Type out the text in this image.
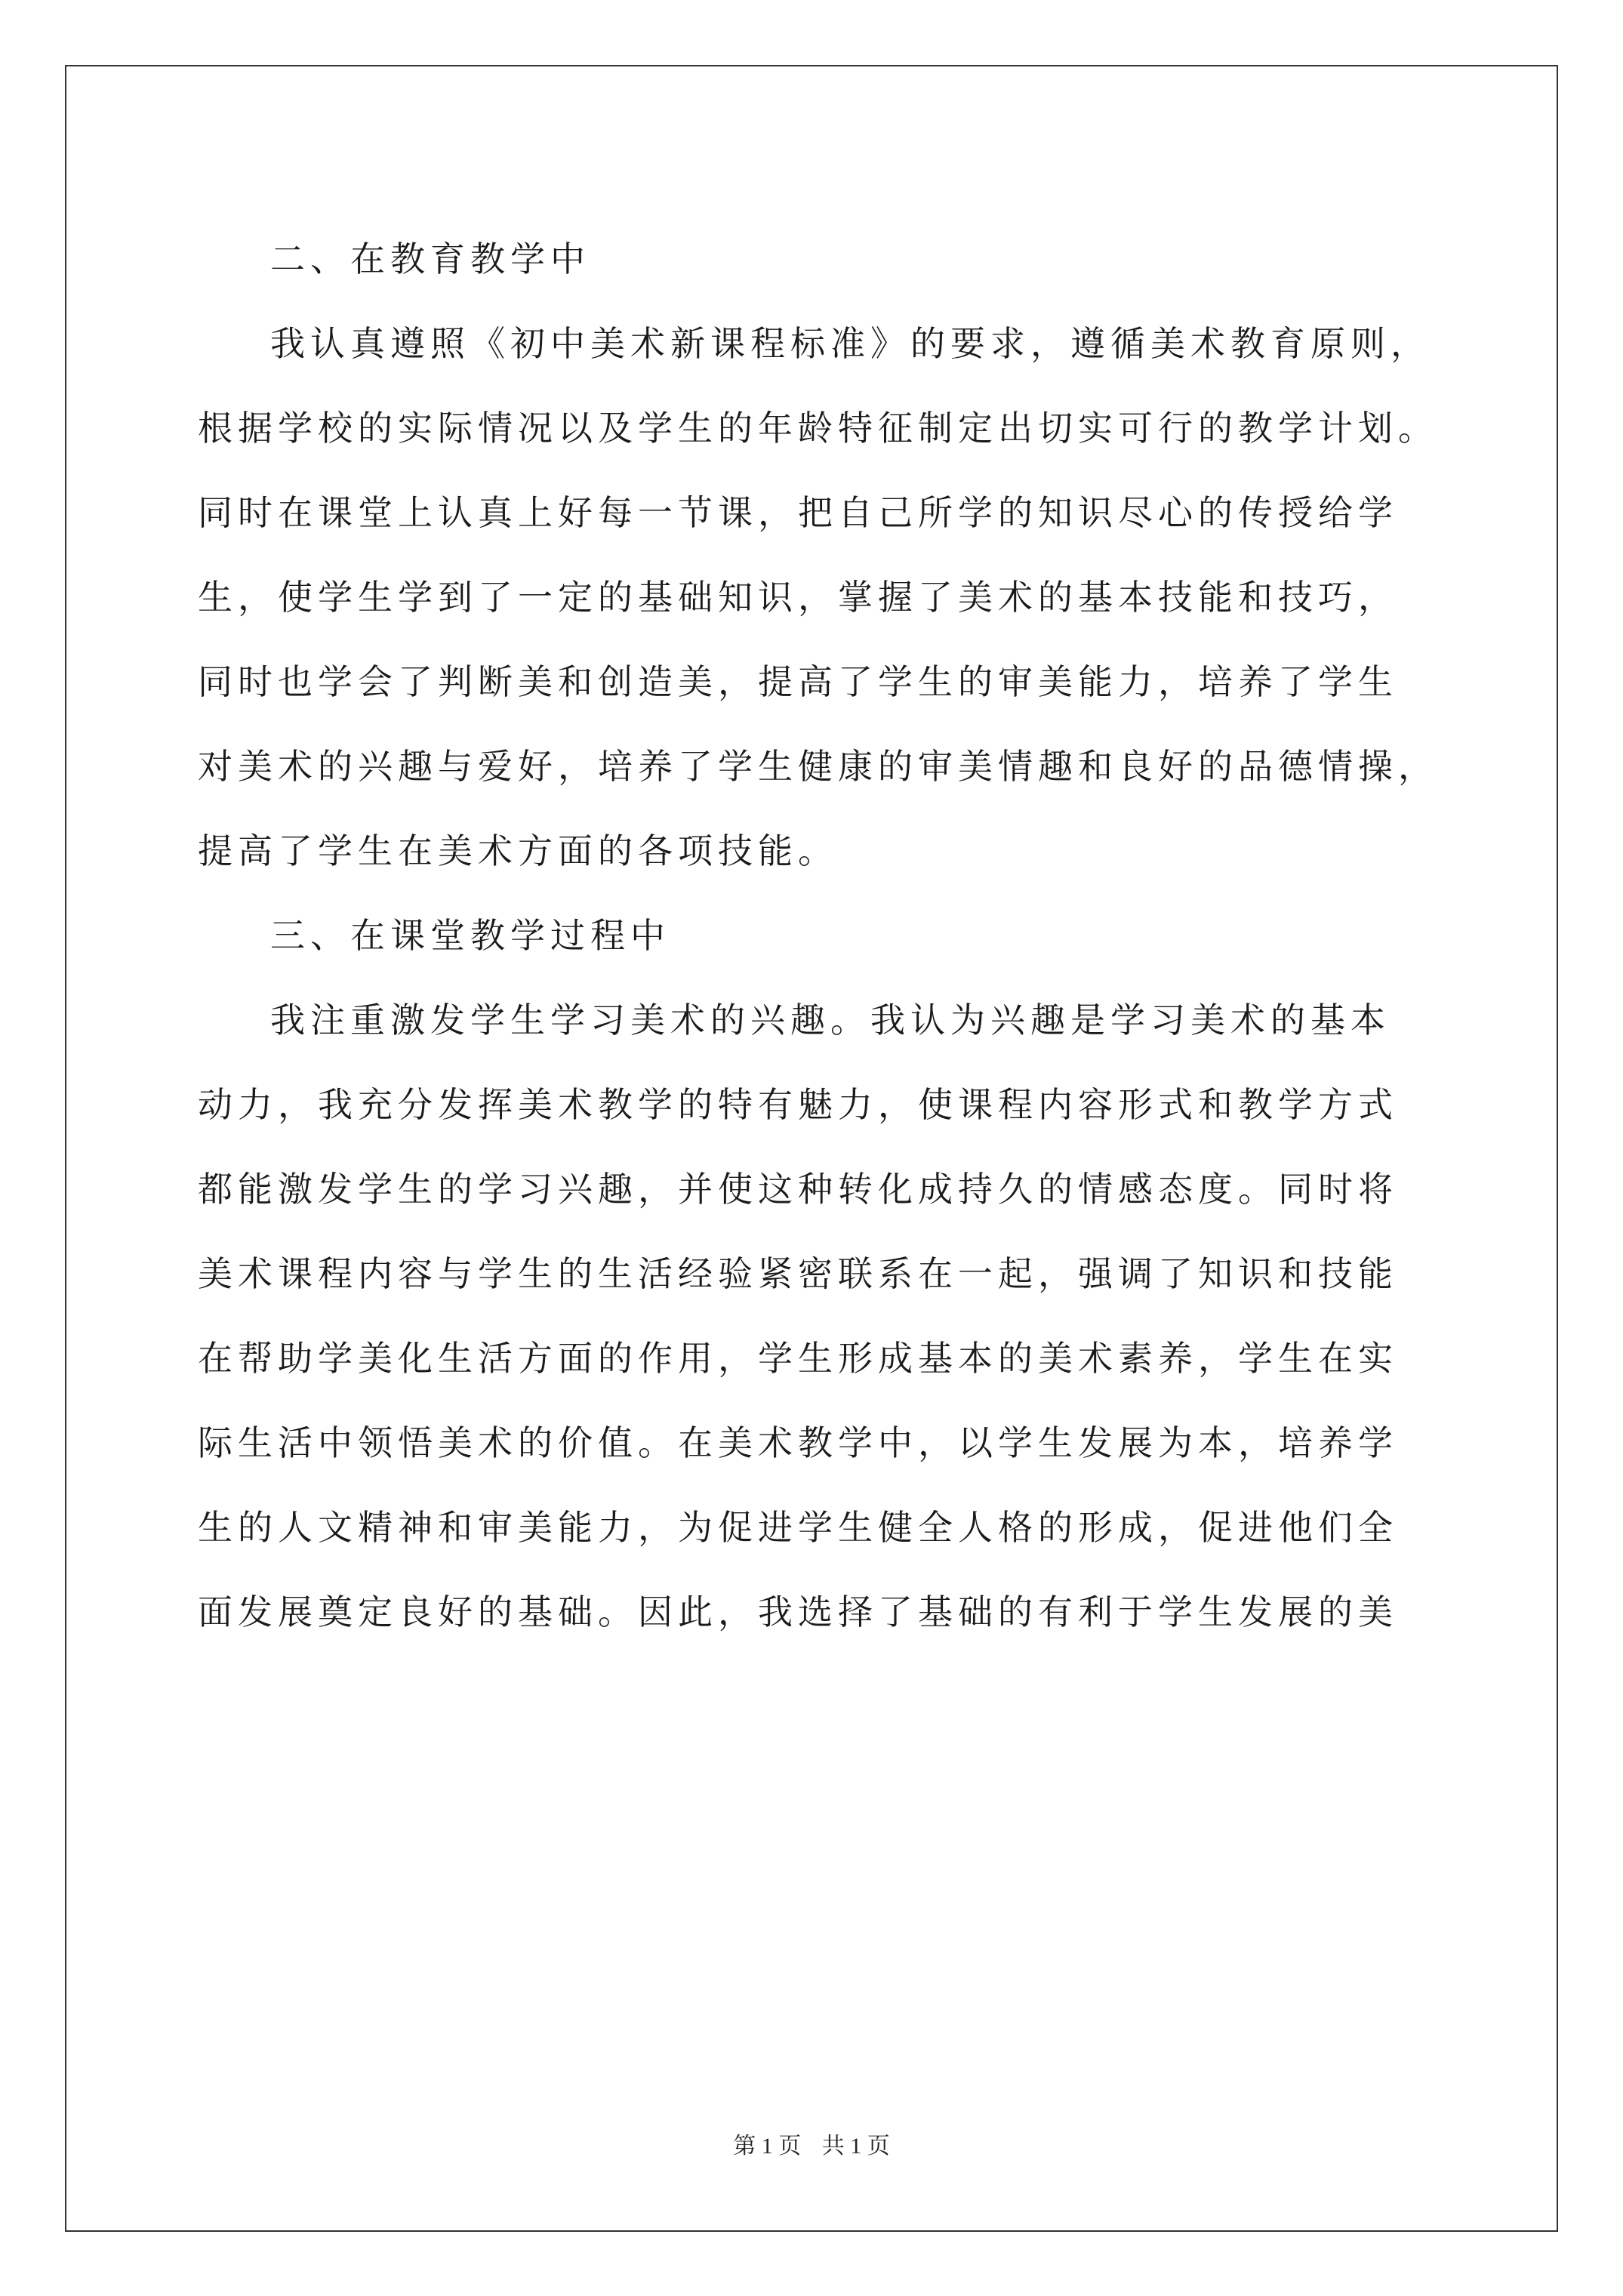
二、在教育教学中
我认真遵照《初中美术新课程标准》的要求，遵循美术教育原则，
根据学校的实际情况以及学生的年龄特征制定出切实可行的教学计划。
同时在课堂上认真上好每一节课，把自己所学的知识尽心的传授给学
生，使学生学到了一定的基础知识，掌握了美术的基本技能和技巧，
同时也学会了判断美和创造美，提高了学生的审美能力，培养了学生
对美术的兴趣与爱好，培养了学生健康的审美情趣和良好的品德情操，
提高了学生在美术方面的各项技能。
三、在课堂教学过程中
我注重激发学生学习美术的兴趣。我认为兴趣是学习美术的基本
动力，我充分发挥美术教学的特有魅力，使课程内容形式和教学方式
都能激发学生的学习兴趣，并使这种转化成持久的情感态度。同时将
美术课程内容与学生的生活经验紧密联系在一起，强调了知识和技能
在帮助学美化生活方面的作用，学生形成基本的美术素养，学生在实
际生活中领悟美术的价值。在美术教学中，以学生发展为本，培养学
生的人文精神和审美能力，为促进学生健全人格的形成，促进他们全
面发展奠定良好的基础。因此，我选择了基础的有利于学生发展的美
第 1 页 共 1 页
